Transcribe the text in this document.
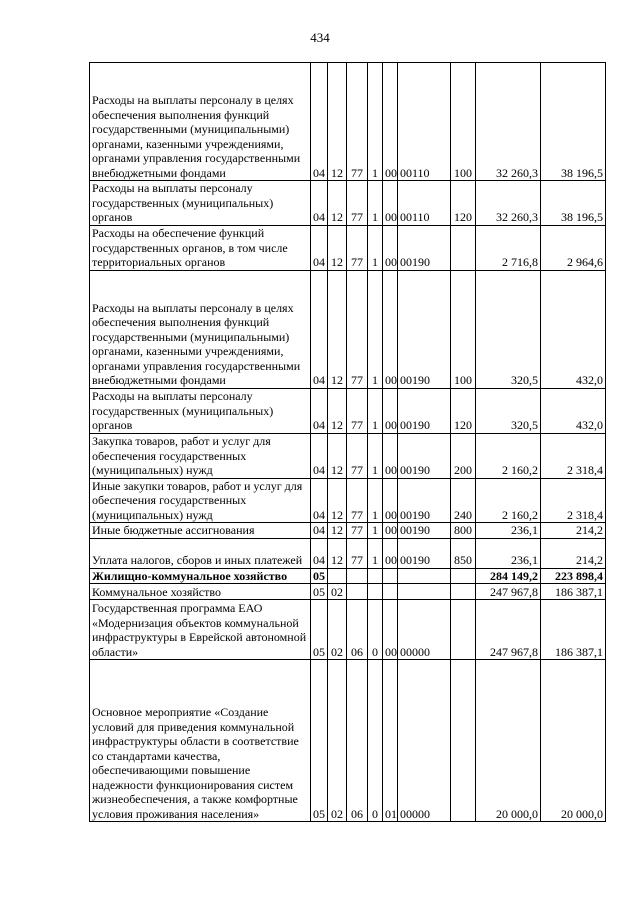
434
Расходы на выплаты персоналу в целях обеспечения выполнения функций государственными (муниципальными) органами, казенными учреждениями, органами управления государственными внебюджетными фондами	04	12	77	1	00	00110	100	32 260,3	38 196,5
Расходы на выплаты персоналу государственных (муниципальных) органов	04	12	77	1	00	00110	120	32 260,3	38 196,5
Расходы на обеспечение функций государственных органов, в том числе территориальных органов	04	12	77	1	00	00190		2 716,8	2 964,6
Расходы на выплаты персоналу в целях обеспечения выполнения функций государственными (муниципальными) органами, казенными учреждениями, органами управления государственными внебюджетными фондами	04	12	77	1	00	00190	100	320,5	432,0
Расходы на выплаты персоналу государственных (муниципальных) органов	04	12	77	1	00	00190	120	320,5	432,0
Закупка товаров, работ и услуг для обеспечения государственных (муниципальных) нужд	04	12	77	1	00	00190	200	2 160,2	2 318,4
Иные закупки товаров, работ и услуг для обеспечения государственных (муниципальных) нужд	04	12	77	1	00	00190	240	2 160,2	2 318,4
Иные бюджетные ассигнования	04	12	77	1	00	00190	800	236,1	214,2
Уплата налогов, сборов и иных платежей	04	12	77	1	00	00190	850	236,1	214,2
Жилищно-коммунальное хозяйство	05							284 149,2	223 898,4
Коммунальное хозяйство	05	02						247 967,8	186 387,1
Государственная программа ЕАО «Модернизация объектов коммунальной инфраструктуры в Еврейской автономной области»	05	02	06	0	00	00000		247 967,8	186 387,1
Основное мероприятие «Создание условий для приведения коммунальной инфраструктуры области в соответствие со стандартами качества, обеспечивающими повышение надежности функционирования систем жизнеобеспечения, а также комфортные условия проживания населения»	05	02	06	0	01	00000		20 000,0	20 000,0
